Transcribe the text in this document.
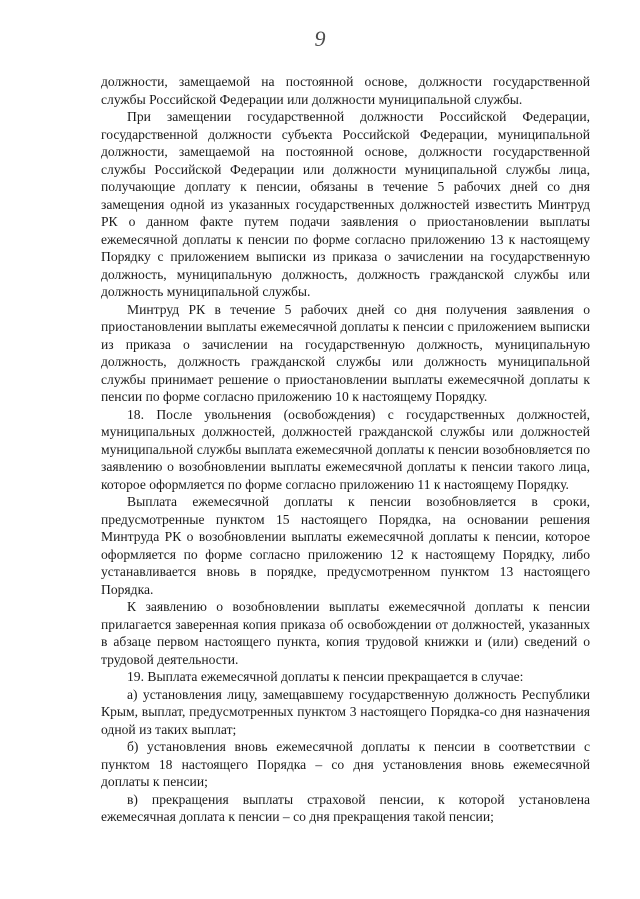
9

должности, замещаемой на постоянной основе, должности государственной службы Российской Федерации или должности муниципальной службы.

При замещении государственной должности Российской Федерации, государственной должности субъекта Российской Федерации, муниципальной должности, замещаемой на постоянной основе, должности государственной службы Российской Федерации или должности муниципальной службы лица, получающие доплату к пенсии, обязаны в течение 5 рабочих дней со дня замещения одной из указанных государственных должностей известить Минтруд РК о данном факте путем подачи заявления о приостановлении выплаты ежемесячной доплаты к пенсии по форме согласно приложению 13 к настоящему Порядку с приложением выписки из приказа о зачислении на государственную должность, муниципальную должность, должность гражданской службы или должность муниципальной службы.

Минтруд РК в течение 5 рабочих дней со дня получения заявления о приостановлении выплаты ежемесячной доплаты к пенсии с приложением выписки из приказа о зачислении на государственную должность, муниципальную должность, должность гражданской службы или должность муниципальной службы принимает решение о приостановлении выплаты ежемесячной доплаты к пенсии по форме согласно приложению 10 к настоящему Порядку.

18. После увольнения (освобождения) с государственных должностей, муниципальных должностей, должностей гражданской службы или должностей муниципальной службы выплата ежемесячной доплаты к пенсии возобновляется по заявлению о возобновлении выплаты ежемесячной доплаты к пенсии такого лица, которое оформляется по форме согласно приложению 11 к настоящему Порядку.

Выплата ежемесячной доплаты к пенсии возобновляется в сроки, предусмотренные пунктом 15 настоящего Порядка, на основании решения Минтруда РК о возобновлении выплаты ежемесячной доплаты к пенсии, которое оформляется по форме согласно приложению 12 к настоящему Порядку, либо устанавливается вновь в порядке, предусмотренном пунктом 13 настоящего Порядка.

К заявлению о возобновлении выплаты ежемесячной доплаты к пенсии прилагается заверенная копия приказа об освобождении от должностей, указанных в абзаце первом настоящего пункта, копия трудовой книжки и (или) сведений о трудовой деятельности.

19. Выплата ежемесячной доплаты к пенсии прекращается в случае:

а) установления лицу, замещавшему государственную должность Республики Крым, выплат, предусмотренных пунктом 3 настоящего Порядка-со дня назначения одной из таких выплат;

б) установления вновь ежемесячной доплаты к пенсии в соответствии с пунктом 18 настоящего Порядка – со дня установления вновь ежемесячной доплаты к пенсии;

в) прекращения выплаты страховой пенсии, к которой установлена ежемесячная доплата к пенсии – со дня прекращения такой пенсии;
